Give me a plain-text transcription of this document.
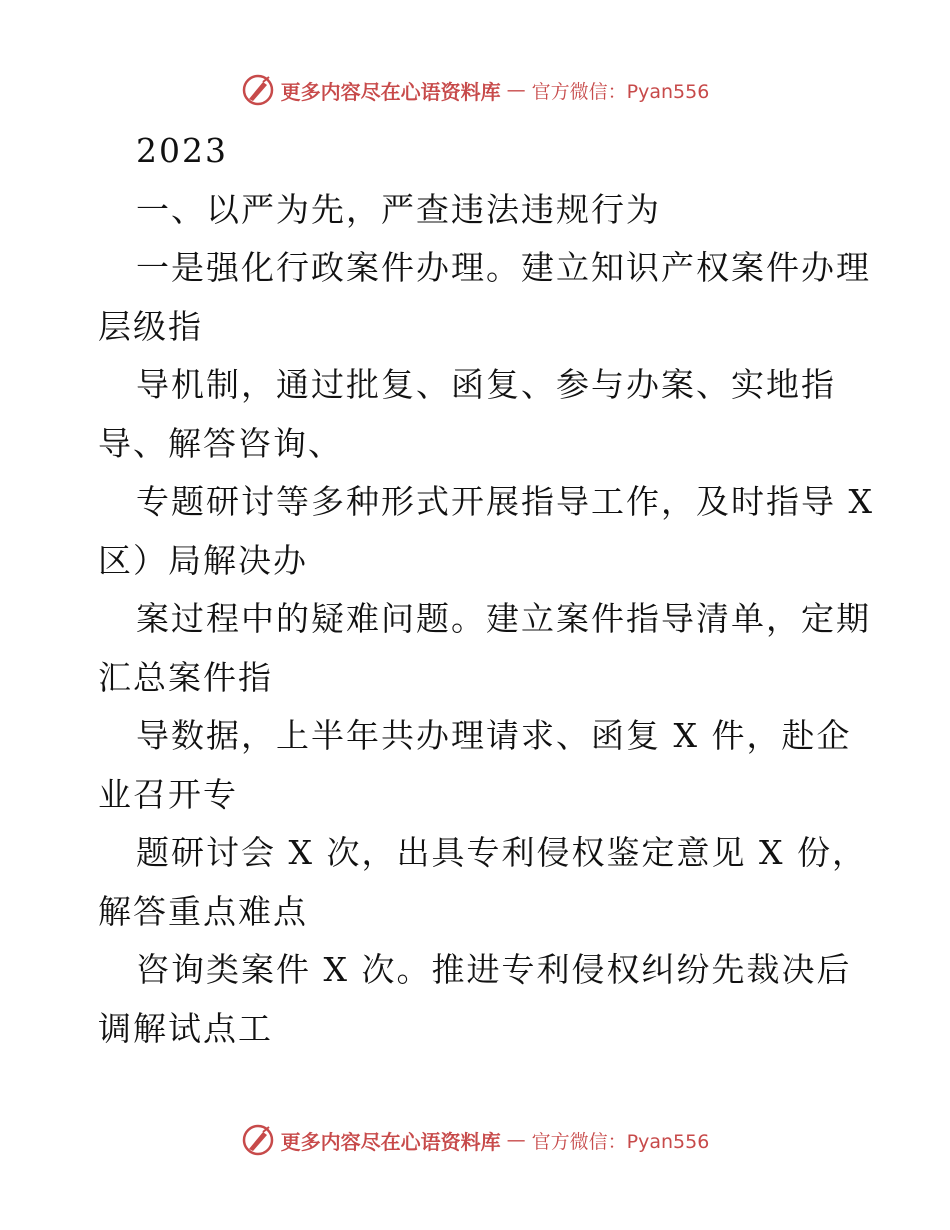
更多内容尽在心语资料库 — 官方微信：Pyan556
2023
一、以严为先，严查违法违规行为
一是强化行政案件办理。建立知识产权案件办理
层级指
导机制，通过批复、函复、参与办案、实地指
导、解答咨询、
专题研讨等多种形式开展指导工作，及时指导 X
区）局解决办
案过程中的疑难问题。建立案件指导清单，定期
汇总案件指
导数据，上半年共办理请求、函复 X 件，赴企
业召开专
题研讨会 X 次，出具专利侵权鉴定意见 X 份，
解答重点难点
咨询类案件 X 次。推进专利侵权纠纷先裁决后
调解试点工
更多内容尽在心语资料库 — 官方微信：Pyan556
